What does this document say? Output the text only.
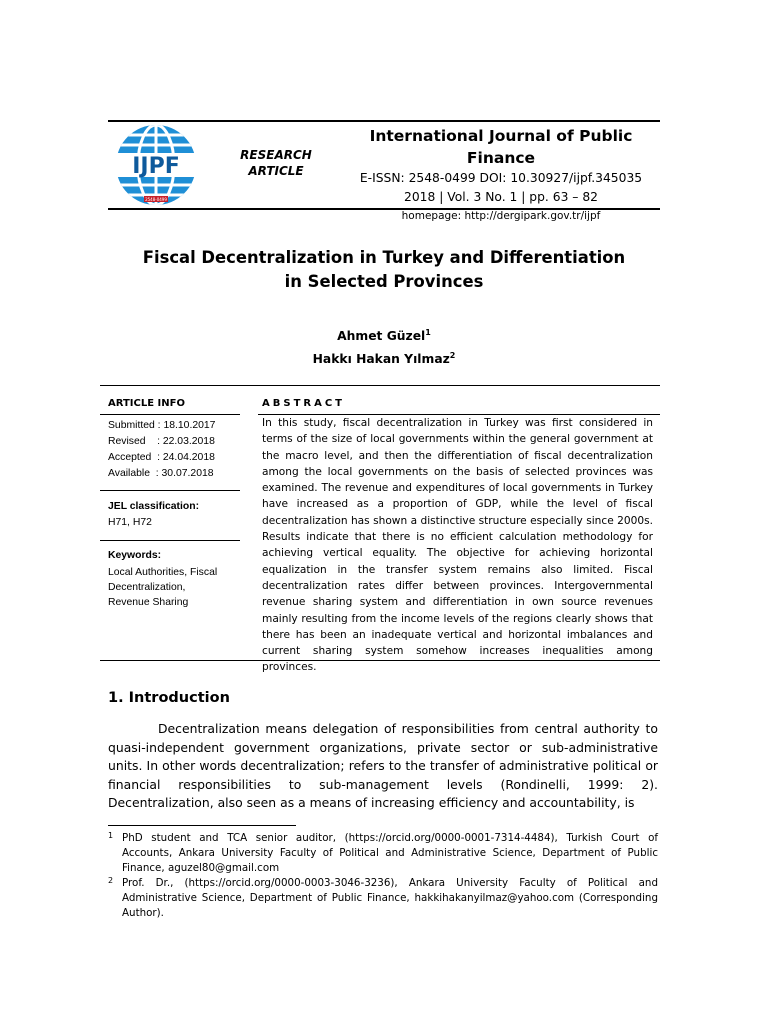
IJPF
2548-0499
RESEARCH ARTICLE
International Journal of Public Finance
E-ISSN: 2548-0499 DOI: 10.30927/ijpf.345035
2018 | Vol. 3 No. 1 | pp. 63 – 82
homepage: http://dergipark.gov.tr/ijpf
Fiscal Decentralization in Turkey and Differentiation
in Selected Provinces
Ahmet Güzel$^1$
Hakkı Hakan Yılmaz$^2$
ARTICLE INFO	ABSTRACT
Submitted : 18.10.2017
Revised    : 22.03.2018
Accepted  : 24.04.2018
Available  : 30.07.2018
JEL classification:
H71, H72
Keywords:
Local Authorities, Fiscal
Decentralization,
Revenue Sharing
In this study, fiscal decentralization in Turkey was first considered in terms of the size of local governments within the general government at the macro level, and then the differentiation of fiscal decentralization among the local governments on the basis of selected provinces was examined. The revenue and expenditures of local governments in Turkey have increased as a proportion of GDP, while the level of fiscal decentralization has shown a distinctive structure especially since 2000s. Results indicate that there is no efficient calculation methodology for achieving vertical equality. The objective for achieving horizontal equalization in the transfer system remains also limited. Fiscal decentralization rates differ between provinces. Intergovernmental revenue sharing system and differentiation in own source revenues mainly resulting from the income levels of the regions clearly shows that there has been an inadequate vertical and horizontal imbalances and current sharing system somehow increases inequalities among provinces.
1. Introduction
Decentralization means delegation of responsibilities from central authority to quasi-independent government organizations, private sector or sub-administrative units. In other words decentralization; refers to the transfer of administrative political or financial responsibilities to sub-management levels (Rondinelli, 1999: 2). Decentralization, also seen as a means of increasing efficiency and accountability, is
1 PhD student and TCA senior auditor, (https://orcid.org/0000-0001-7314-4484), Turkish Court of Accounts, Ankara University Faculty of Political and Administrative Science, Department of Public Finance, aguzel80@gmail.com
2 Prof. Dr., (https://orcid.org/0000-0003-3046-3236), Ankara University Faculty of Political and Administrative Science, Department of Public Finance, hakkihakanyilmaz@yahoo.com (Corresponding Author).
